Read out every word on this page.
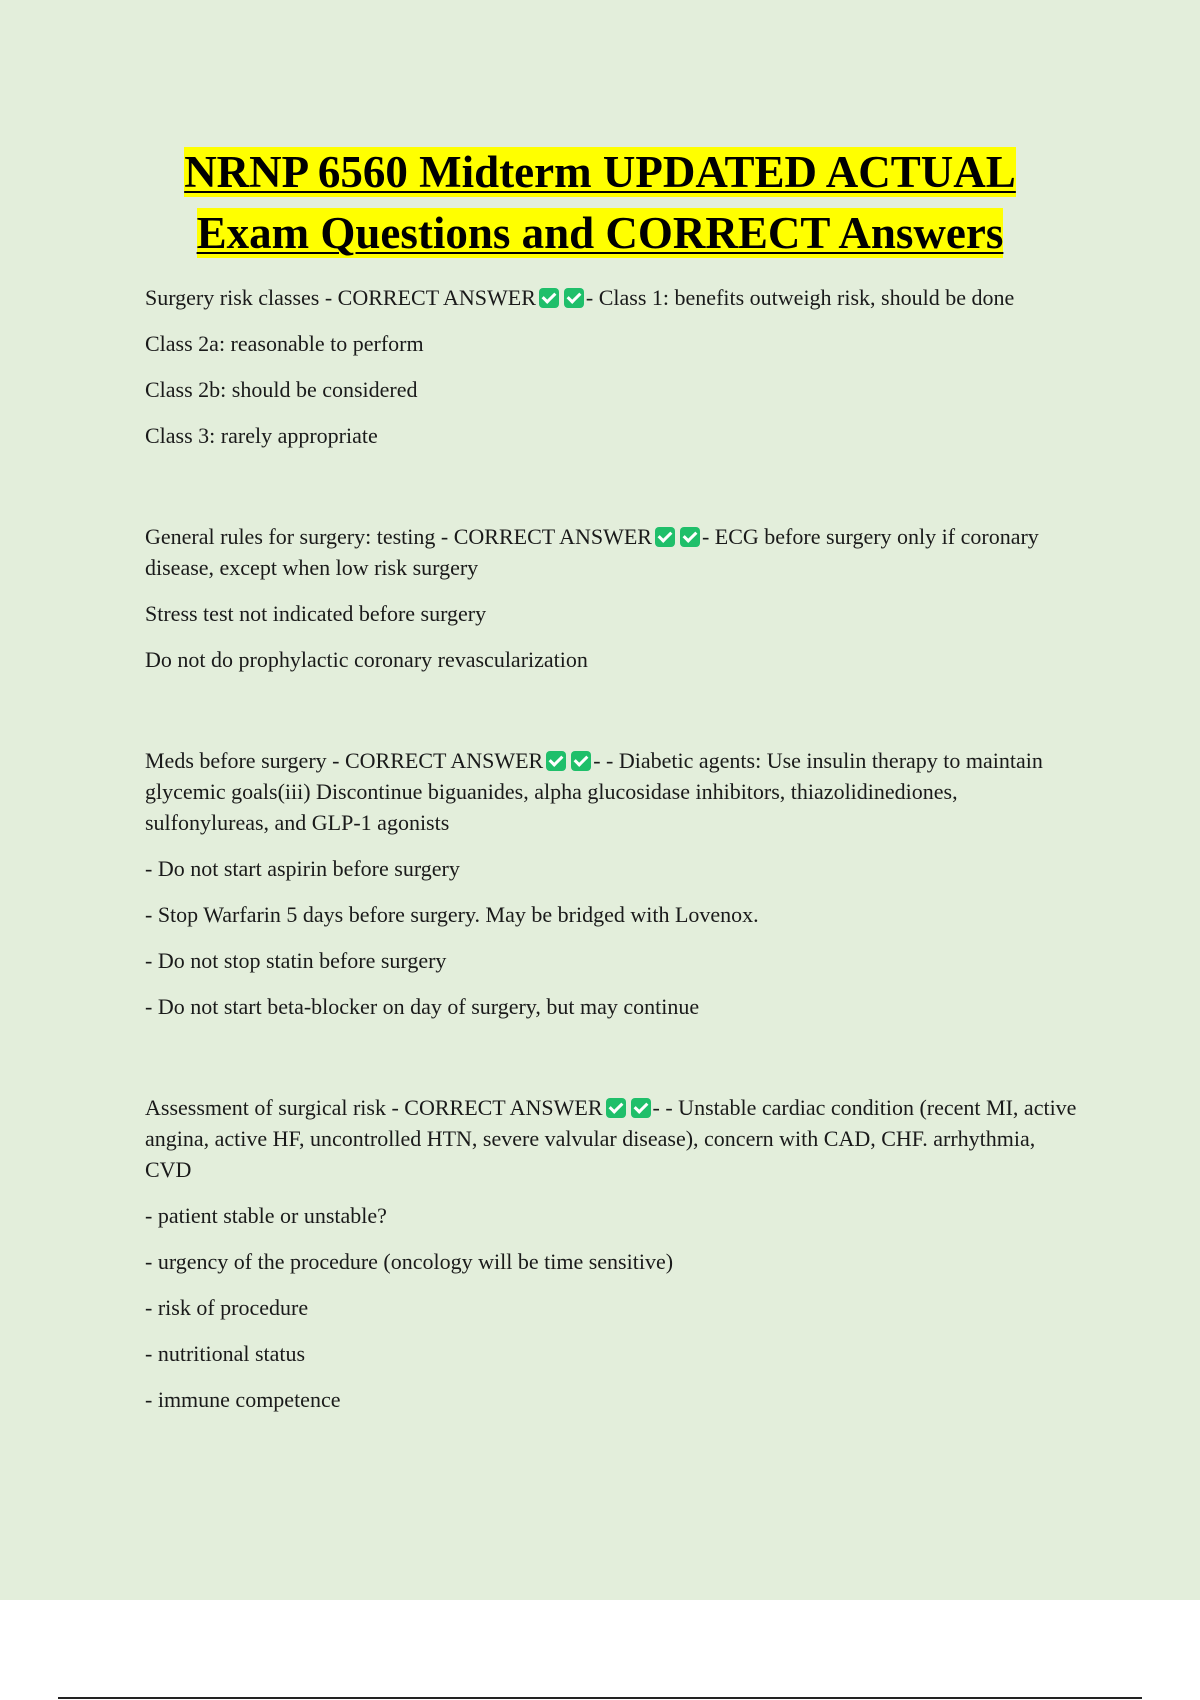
NRNP 6560 Midterm UPDATED ACTUAL
Exam Questions and CORRECT Answers

Surgery risk classes - CORRECT ANSWER - Class 1: benefits outweigh risk, should be done

Class 2a: reasonable to perform

Class 2b: should be considered

Class 3: rarely appropriate

General rules for surgery: testing - CORRECT ANSWER - ECG before surgery only if coronary disease, except when low risk surgery

Stress test not indicated before surgery

Do not do prophylactic coronary revascularization

Meds before surgery - CORRECT ANSWER - - Diabetic agents: Use insulin therapy to maintain glycemic goals(iii) Discontinue biguanides, alpha glucosidase inhibitors, thiazolidinediones, sulfonylureas, and GLP-1 agonists

- Do not start aspirin before surgery

- Stop Warfarin 5 days before surgery. May be bridged with Lovenox.

- Do not stop statin before surgery

- Do not start beta-blocker on day of surgery, but may continue

Assessment of surgical risk - CORRECT ANSWER - - Unstable cardiac condition (recent MI, active angina, active HF, uncontrolled HTN, severe valvular disease), concern with CAD, CHF. arrhythmia, CVD

- patient stable or unstable?

- urgency of the procedure (oncology will be time sensitive)

- risk of procedure

- nutritional status

- immune competence
